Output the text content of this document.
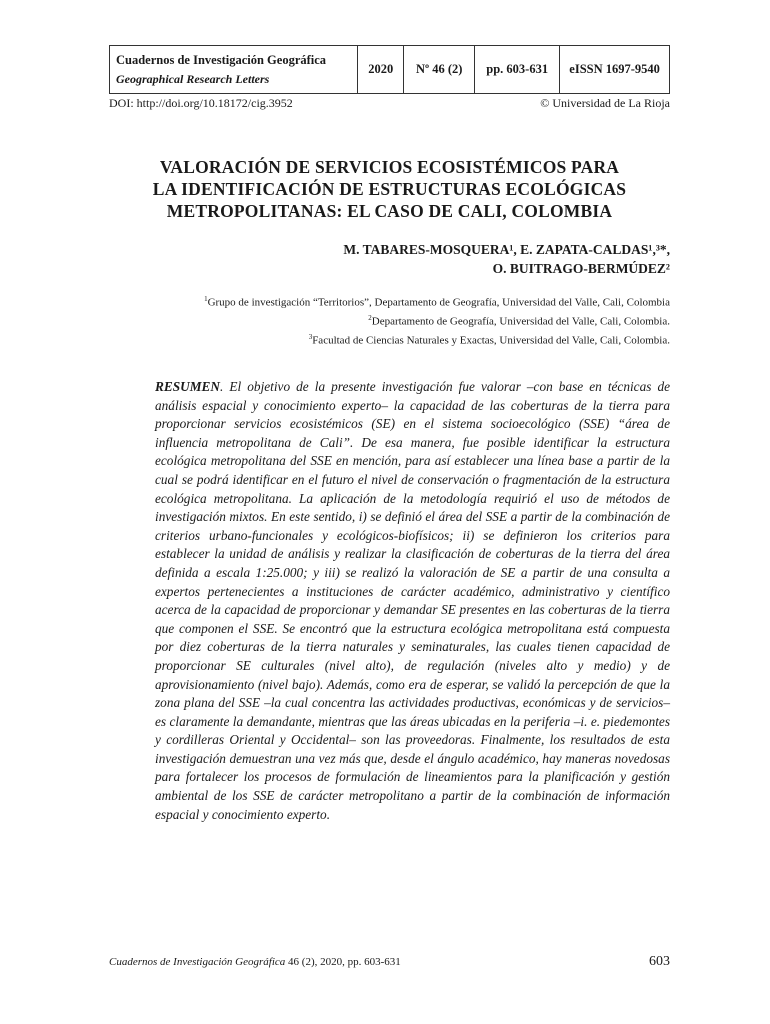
Cuadernos de Investigación Geográfica
Geographical Research Letters
	2020	Nº 46 (2)	pp. 603-631	eISSN 1697-9540
DOI: http://doi.org/10.18172/cig.3952	© Universidad de La Rioja
VALORACIÓN DE SERVICIOS ECOSISTÉMICOS PARA
LA IDENTIFICACIÓN DE ESTRUCTURAS ECOLÓGICAS
METROPOLITANAS: EL CASO DE CALI, COLOMBIA
M. TABARES-MOSQUERA¹, E. ZAPATA-CALDAS¹,³*,
O. BUITRAGO-BERMÚDEZ²
$^1$Grupo de investigación “Territorios”, Departamento de Geografía, Universidad del Valle, Cali, Colombia
$^2$Departamento de Geografía, Universidad del Valle, Cali, Colombia.
$^3$Facultad de Ciencias Naturales y Exactas, Universidad del Valle, Cali, Colombia.

RESUMEN. El objetivo de la presente investigación fue valorar –con base en técnicas de análisis espacial y conocimiento experto– la capacidad de las coberturas de la tierra para proporcionar servicios ecosistémicos (SE) en el sistema socioecológico (SSE) “área de influencia metropolitana de Cali”. De esa manera, fue posible identificar la estructura ecológica metropolitana del SSE en mención, para así establecer una línea base a partir de la cual se podrá identificar en el futuro el nivel de conservación o fragmentación de la estructura ecológica metropolitana. La aplicación de la metodología requirió el uso de métodos de investigación mixtos. En este sentido, i) se definió el área del SSE a partir de la combinación de criterios urbano-funcionales y ecológicos-biofísicos; ii) se definieron los criterios para establecer la unidad de análisis y realizar la clasificación de coberturas de la tierra del área definida a escala 1:25.000; y iii) se realizó la valoración de SE a partir de una consulta a expertos pertenecientes a instituciones de carácter académico, administrativo y científico acerca de la capacidad de proporcionar y demandar SE presentes en las coberturas de la tierra que componen el SSE. Se encontró que la estructura ecológica metropolitana está compuesta por diez coberturas de la tierra naturales y seminaturales, las cuales tienen capacidad de proporcionar SE culturales (nivel alto), de regulación (niveles alto y medio) y de aprovisionamiento (nivel bajo). Además, como era de esperar, se validó la percepción de que la zona plana del SSE –la cual concentra las actividades productivas, económicas y de servicios– es claramente la demandante, mientras que las áreas ubicadas en la periferia –i. e. piedemontes y cordilleras Oriental y Occidental– son las proveedoras. Finalmente, los resultados de esta investigación demuestran una vez más que, desde el ángulo académico, hay maneras novedosas para fortalecer los procesos de formulación de lineamientos para la planificación y gestión ambiental de los SSE de carácter metropolitano a partir de la combinación de información espacial y conocimiento experto.

Cuadernos de Investigación Geográfica 46 (2), 2020, pp. 603-631	603
